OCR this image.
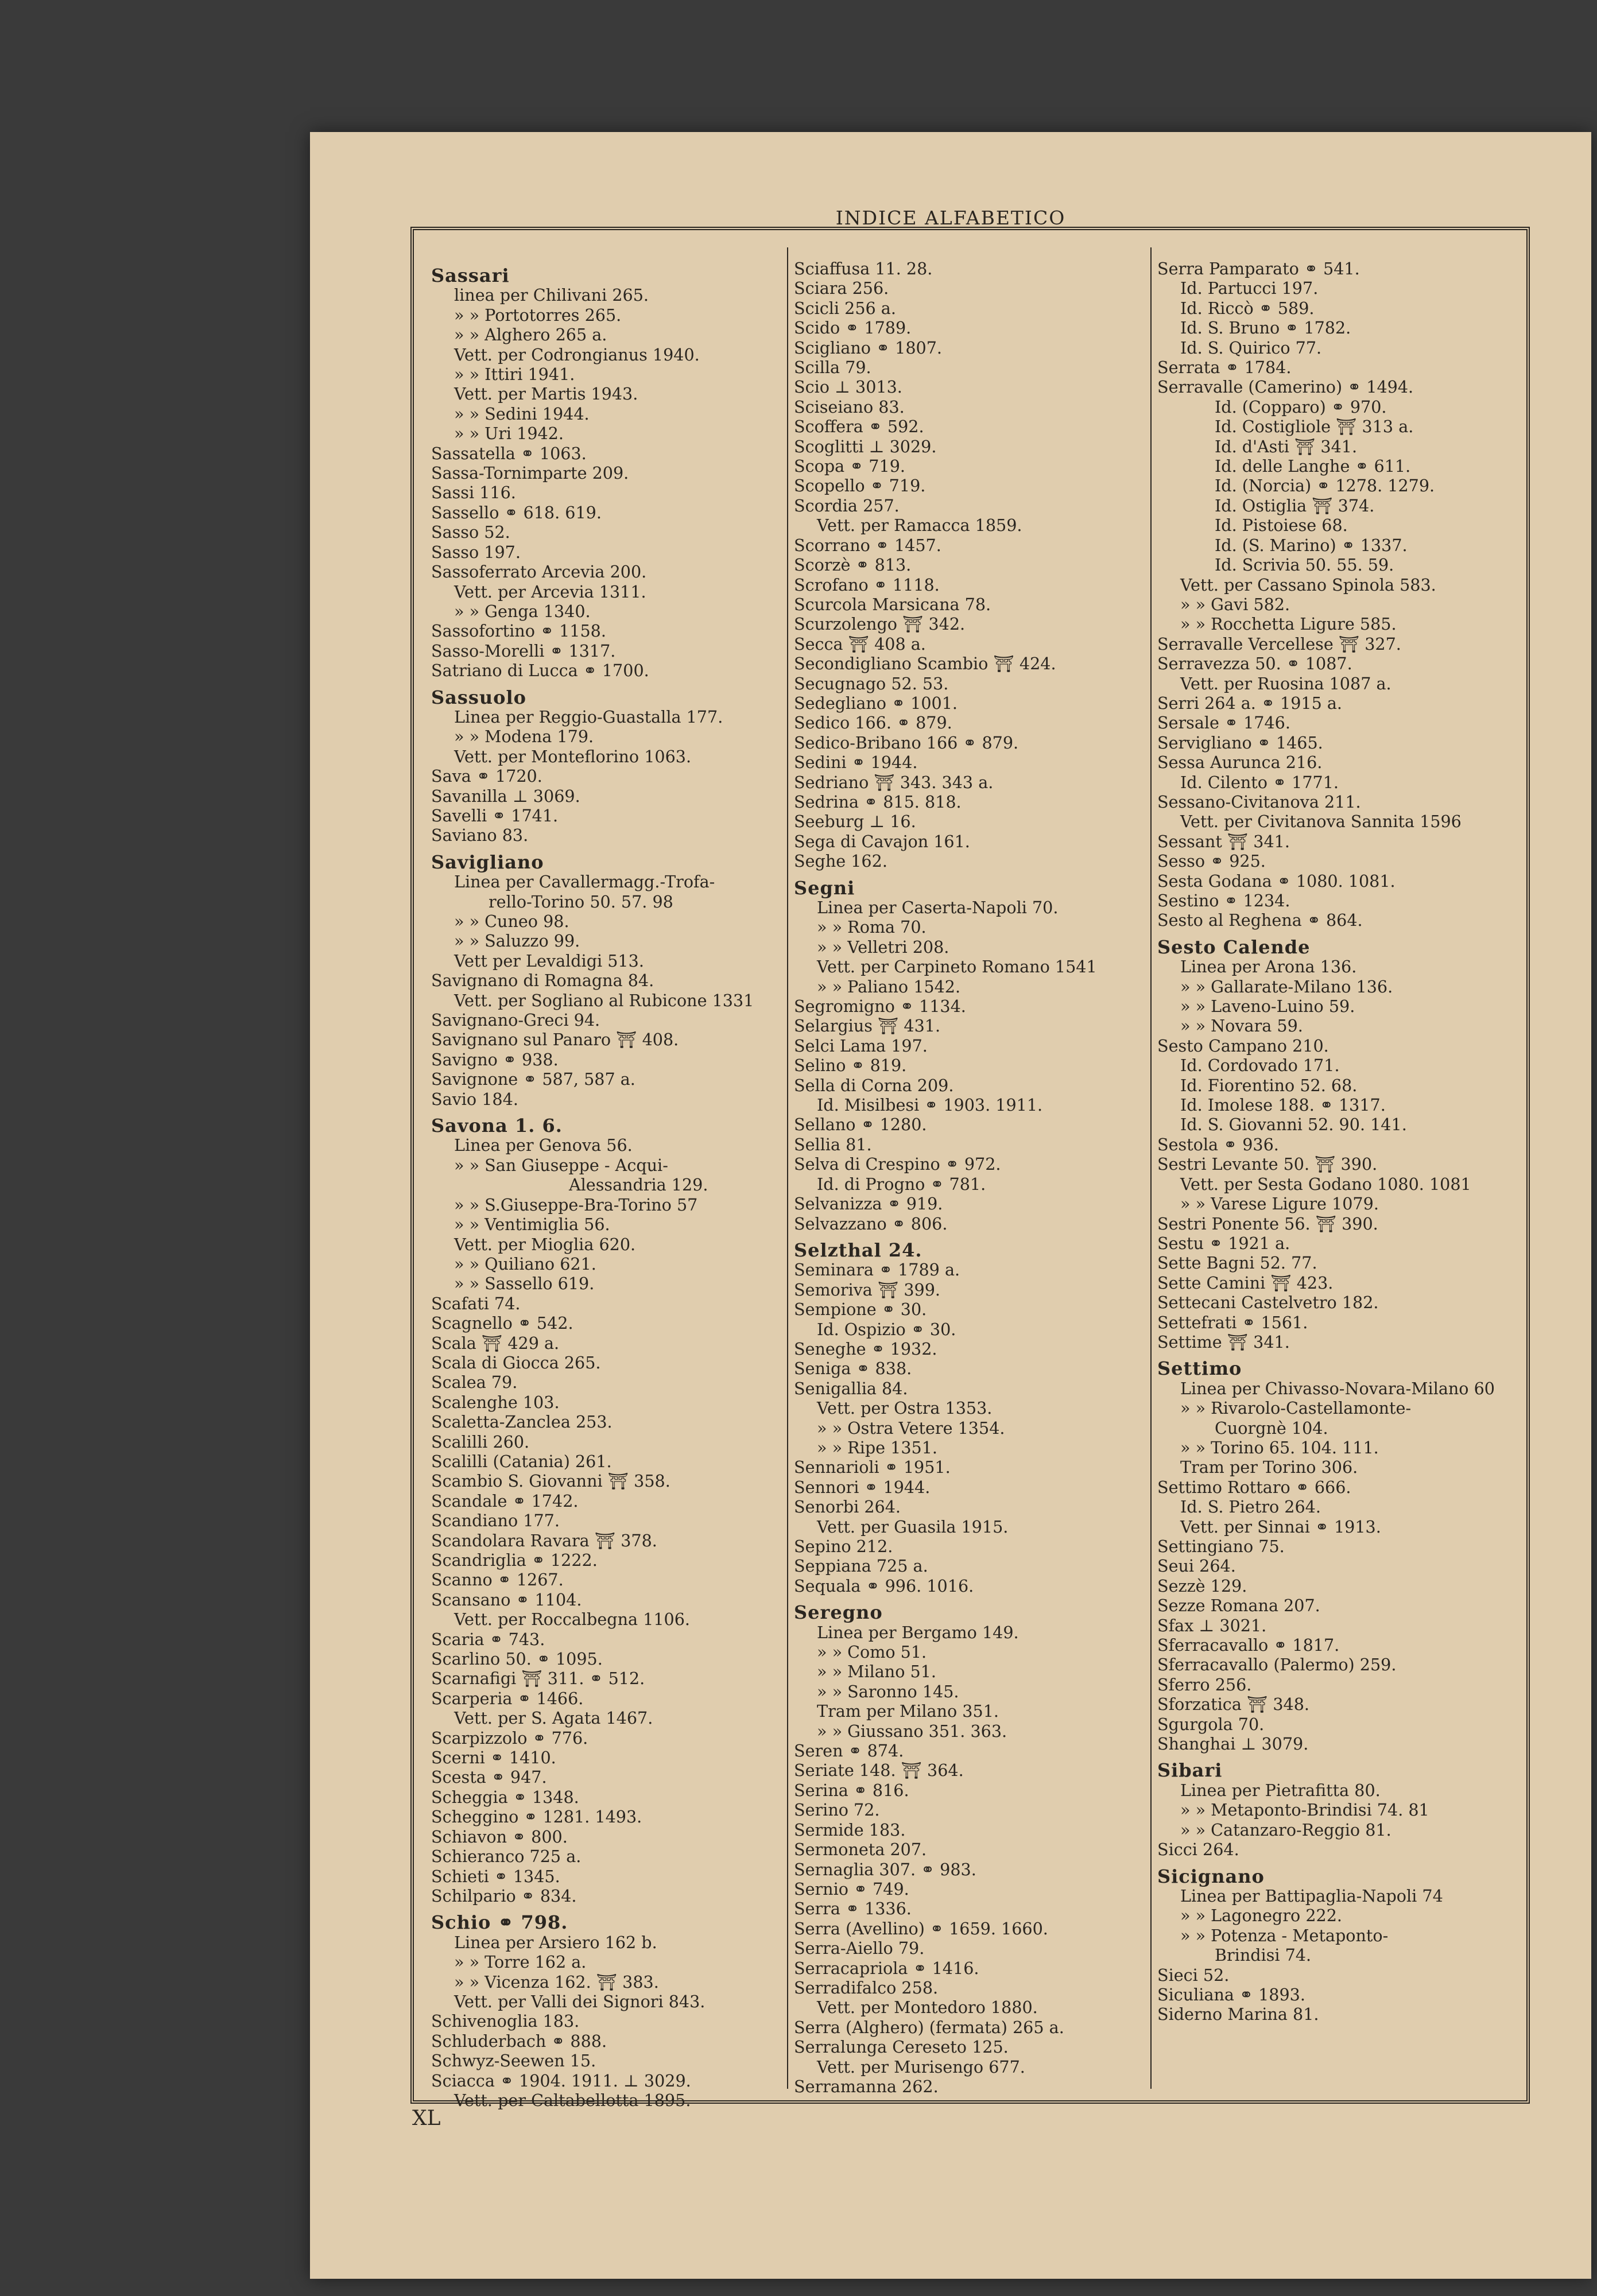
INDICE ALFABETICO
Sassari
linea per Chilivani 265.
» » Portotorres 265.
» » Alghero 265 a.
Vett. per Codrongianus 1940.
» » Ittiri 1941.
Vett. per Martis 1943.
» » Sedini 1944.
» » Uri 1942.
Sassatella ⚭ 1063.
Sassa-Tornimparte 209.
Sassi 116.
Sassello ⚭ 618. 619.
Sasso 52.
Sasso 197.
Sassoferrato Arcevia 200.
Vett. per Arcevia 1311.
» » Genga 1340.
Sassofortino ⚭ 1158.
Sasso-Morelli ⚭ 1317.
Satriano di Lucca ⚭ 1700.
Sassuolo
Linea per Reggio-Guastalla 177.
» » Modena 179.
Vett. per Monteflorino 1063.
Sava ⚭ 1720.
Savanilla ⊥ 3069.
Savelli ⚭ 1741.
Saviano 83.
Savigliano
Linea per Cavallermagg.-Trofa-
rello-Torino 50. 57. 98
» » Cuneo 98.
» » Saluzzo 99.
Vett per Levaldigi 513.
Savignano di Romagna 84.
Vett. per Sogliano al Rubicone 1331
Savignano-Greci 94.
Savignano sul Panaro ⛩ 408.
Savigno ⚭ 938.
Savignone ⚭ 587, 587 a.
Savio 184.
Savona 1. 6.
Linea per Genova 56.
» » San Giuseppe - Acqui-
Alessandria 129.
» » S.Giuseppe-Bra-Torino 57
» » Ventimiglia 56.
Vett. per Mioglia 620.
» » Quiliano 621.
» » Sassello 619.
Scafati 74.
Scagnello ⚭ 542.
Scala ⛩ 429 a.
Scala di Giocca 265.
Scalea 79.
Scalenghe 103.
Scaletta-Zanclea 253.
Scalilli 260.
Scalilli (Catania) 261.
Scambio S. Giovanni ⛩ 358.
Scandale ⚭ 1742.
Scandiano 177.
Scandolara Ravara ⛩ 378.
Scandriglia ⚭ 1222.
Scanno ⚭ 1267.
Scansano ⚭ 1104.
Vett. per Roccalbegna 1106.
Scaria ⚭ 743.
Scarlino 50. ⚭ 1095.
Scarnafigi ⛩ 311. ⚭ 512.
Scarperia ⚭ 1466.
Vett. per S. Agata 1467.
Scarpizzolo ⚭ 776.
Scerni ⚭ 1410.
Scesta ⚭ 947.
Scheggia ⚭ 1348.
Scheggino ⚭ 1281. 1493.
Schiavon ⚭ 800.
Schieranco 725 a.
Schieti ⚭ 1345.
Schilpario ⚭ 834.
Schio ⚭ 798.
Linea per Arsiero 162 b.
» » Torre 162 a.
» » Vicenza 162. ⛩ 383.
Vett. per Valli dei Signori 843.
Schivenoglia 183.
Schluderbach ⚭ 888.
Schwyz-Seewen 15.
Sciacca ⚭ 1904. 1911. ⊥ 3029.
Vett. per Caltabellotta 1895.
Sciaffusa 11. 28.
Sciara 256.
Scicli 256 a.
Scido ⚭ 1789.
Scigliano ⚭ 1807.
Scilla 79.
Scio ⊥ 3013.
Sciseiano 83.
Scoffera ⚭ 592.
Scoglitti ⊥ 3029.
Scopa ⚭ 719.
Scopello ⚭ 719.
Scordia 257.
Vett. per Ramacca 1859.
Scorrano ⚭ 1457.
Scorzè ⚭ 813.
Scrofano ⚭ 1118.
Scurcola Marsicana 78.
Scurzolengo ⛩ 342.
Secca ⛩ 408 a.
Secondigliano Scambio ⛩ 424.
Secugnago 52. 53.
Sedegliano ⚭ 1001.
Sedico 166. ⚭ 879.
Sedico-Bribano 166 ⚭ 879.
Sedini ⚭ 1944.
Sedriano ⛩ 343. 343 a.
Sedrina ⚭ 815. 818.
Seeburg ⊥ 16.
Sega di Cavajon 161.
Seghe 162.
Segni
Linea per Caserta-Napoli 70.
» » Roma 70.
» » Velletri 208.
Vett. per Carpineto Romano 1541
» » Paliano 1542.
Segromigno ⚭ 1134.
Selargius ⛩ 431.
Selci Lama 197.
Selino ⚭ 819.
Sella di Corna 209.
Id. Misilbesi ⚭ 1903. 1911.
Sellano ⚭ 1280.
Sellia 81.
Selva di Crespino ⚭ 972.
Id. di Progno ⚭ 781.
Selvanizza ⚭ 919.
Selvazzano ⚭ 806.
Selzthal 24.
Seminara ⚭ 1789 a.
Semoriva ⛩ 399.
Sempione ⚭ 30.
Id. Ospizio ⚭ 30.
Seneghe ⚭ 1932.
Seniga ⚭ 838.
Senigallia 84.
Vett. per Ostra 1353.
» » Ostra Vetere 1354.
» » Ripe 1351.
Sennarioli ⚭ 1951.
Sennori ⚭ 1944.
Senorbi 264.
Vett. per Guasila 1915.
Sepino 212.
Seppiana 725 a.
Sequala ⚭ 996. 1016.
Seregno
Linea per Bergamo 149.
» » Como 51.
» » Milano 51.
» » Saronno 145.
Tram per Milano 351.
» » Giussano 351. 363.
Seren ⚭ 874.
Seriate 148. ⛩ 364.
Serina ⚭ 816.
Serino 72.
Sermide 183.
Sermoneta 207.
Sernaglia 307. ⚭ 983.
Sernio ⚭ 749.
Serra ⚭ 1336.
Serra (Avellino) ⚭ 1659. 1660.
Serra-Aiello 79.
Serracapriola ⚭ 1416.
Serradifalco 258.
Vett. per Montedoro 1880.
Serra (Alghero) (fermata) 265 a.
Serralunga Cereseto 125.
Vett. per Murisengo 677.
Serramanna 262.
Serra Pamparato ⚭ 541.
Id. Partucci 197.
Id. Riccò ⚭ 589.
Id. S. Bruno ⚭ 1782.
Id. S. Quirico 77.
Serrata ⚭ 1784.
Serravalle (Camerino) ⚭ 1494.
Id. (Copparo) ⚭ 970.
Id. Costigliole ⛩ 313 a.
Id. d'Asti ⛩ 341.
Id. delle Langhe ⚭ 611.
Id. (Norcia) ⚭ 1278. 1279.
Id. Ostiglia ⛩ 374.
Id. Pistoiese 68.
Id. (S. Marino) ⚭ 1337.
Id. Scrivia 50. 55. 59.
Vett. per Cassano Spinola 583.
» » Gavi 582.
» » Rocchetta Ligure 585.
Serravalle Vercellese ⛩ 327.
Serravezza 50. ⚭ 1087.
Vett. per Ruosina 1087 a.
Serri 264 a. ⚭ 1915 a.
Sersale ⚭ 1746.
Servigliano ⚭ 1465.
Sessa Aurunca 216.
Id. Cilento ⚭ 1771.
Sessano-Civitanova 211.
Vett. per Civitanova Sannita 1596
Sessant ⛩ 341.
Sesso ⚭ 925.
Sesta Godana ⚭ 1080. 1081.
Sestino ⚭ 1234.
Sesto al Reghena ⚭ 864.
Sesto Calende
Linea per Arona 136.
» » Gallarate-Milano 136.
» » Laveno-Luino 59.
» » Novara 59.
Sesto Campano 210.
Id. Cordovado 171.
Id. Fiorentino 52. 68.
Id. Imolese 188. ⚭ 1317.
Id. S. Giovanni 52. 90. 141.
Sestola ⚭ 936.
Sestri Levante 50. ⛩ 390.
Vett. per Sesta Godano 1080. 1081
» » Varese Ligure 1079.
Sestri Ponente 56. ⛩ 390.
Sestu ⚭ 1921 a.
Sette Bagni 52. 77.
Sette Camini ⛩ 423.
Settecani Castelvetro 182.
Settefrati ⚭ 1561.
Settime ⛩ 341.
Settimo
Linea per Chivasso-Novara-Milano 60
» » Rivarolo-Castellamonte-
Cuorgnè 104.
» » Torino 65. 104. 111.
Tram per Torino 306.
Settimo Rottaro ⚭ 666.
Id. S. Pietro 264.
Vett. per Sinnai ⚭ 1913.
Settingiano 75.
Seui 264.
Sezzè 129.
Sezze Romana 207.
Sfax ⊥ 3021.
Sferracavallo ⚭ 1817.
Sferracavallo (Palermo) 259.
Sferro 256.
Sforzatica ⛩ 348.
Sgurgola 70.
Shanghai ⊥ 3079.
Sibari
Linea per Pietrafitta 80.
» » Metaponto-Brindisi 74. 81
» » Catanzaro-Reggio 81.
Sicci 264.
Sicignano
Linea per Battipaglia-Napoli 74
» » Lagonegro 222.
» » Potenza - Metaponto-
Brindisi 74.
Sieci 52.
Siculiana ⚭ 1893.
Siderno Marina 81.
XL
